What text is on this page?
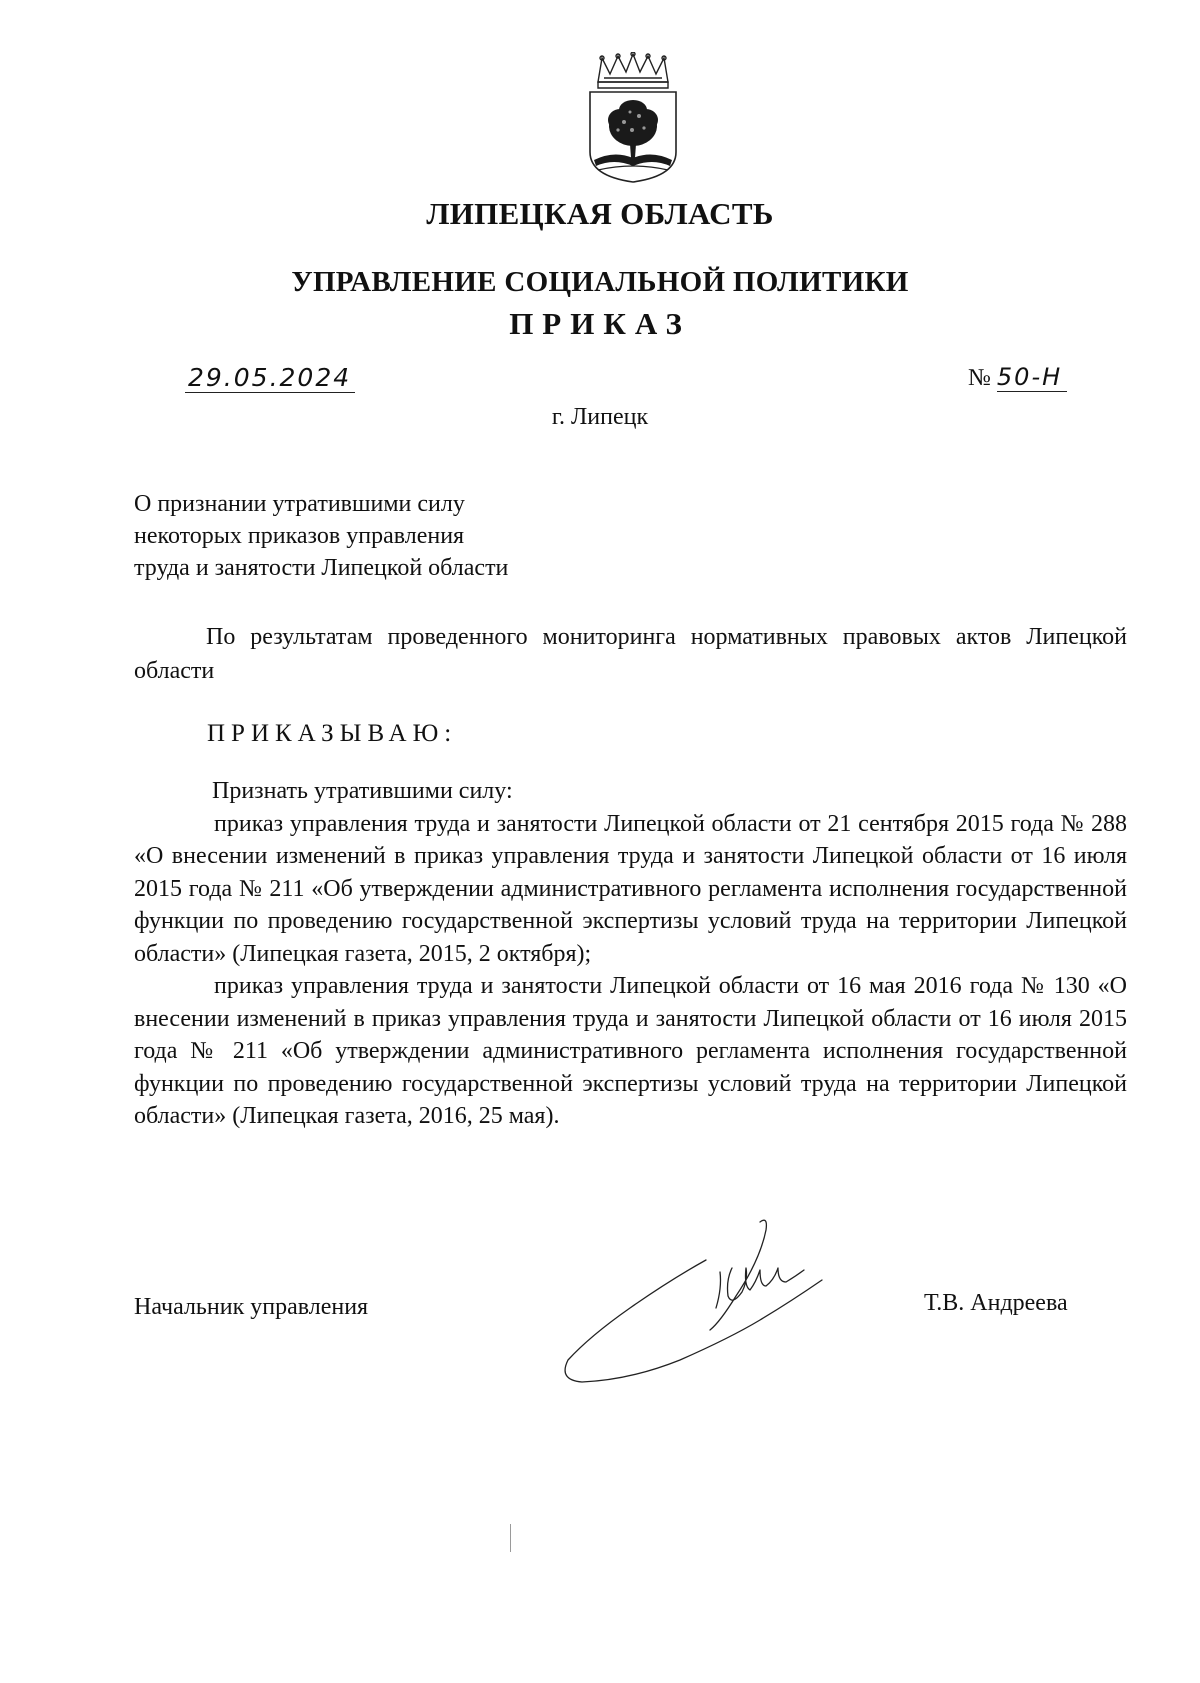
ЛИПЕЦКАЯ ОБЛАСТЬ
УПРАВЛЕНИЕ СОЦИАЛЬНОЙ ПОЛИТИКИ
ПРИКАЗ
29.05.2024	№ 50-Н
г. Липецк
О признании утратившими силу
некоторых приказов управления
труда и занятости Липецкой области
По результатам проведенного мониторинга нормативных правовых актов Липецкой области
ПРИКАЗЫВАЮ:

Признать утратившими силу:

приказ управления труда и занятости Липецкой области от 21 сентября 2015 года № 288 «О внесении изменений в приказ управления труда и занятости Липецкой области от 16 июля 2015 года № 211 «Об утверждении административного регламента исполнения государственной функции по проведению государственной экспертизы условий труда на территории Липецкой области» (Липецкая газета, 2015, 2 октября);

приказ управления труда и занятости Липецкой области от 16 мая 2016 года № 130 «О внесении изменений в приказ управления труда и занятости Липецкой области от 16 июля 2015 года № 211 «Об утверждении административного регламента исполнения государственной функции по проведению государственной экспертизы условий труда на территории Липецкой области» (Липецкая газета, 2016, 25 мая).

Начальник управления	Т.В. Андреева
